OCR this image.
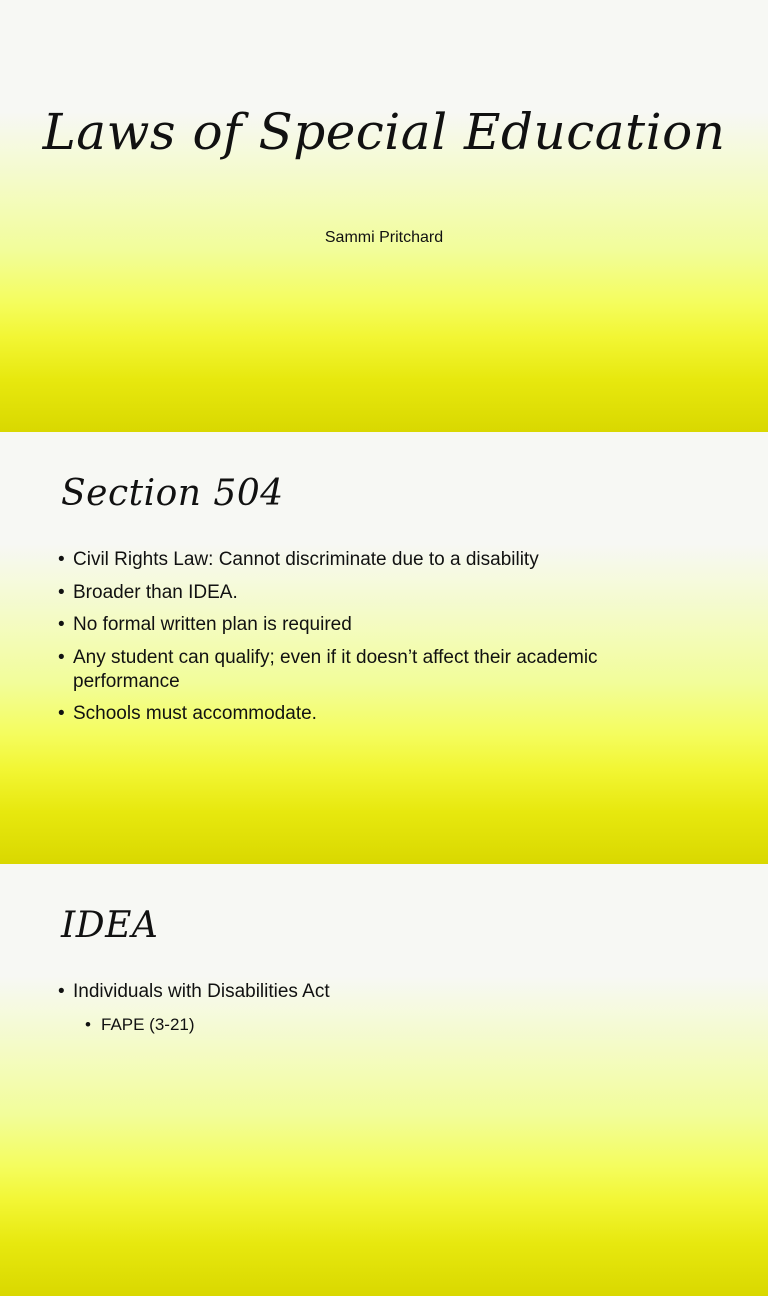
Laws of Special Education
Sammi Pritchard
Section 504
• Civil Rights Law: Cannot discriminate due to a disability
• Broader than IDEA.
• No formal written plan is required
• Any student can qualify; even if it doesn’t affect their academic performance
• Schools must accommodate.
IDEA
• Individuals with Disabilities Act
• FAPE (3-21)
